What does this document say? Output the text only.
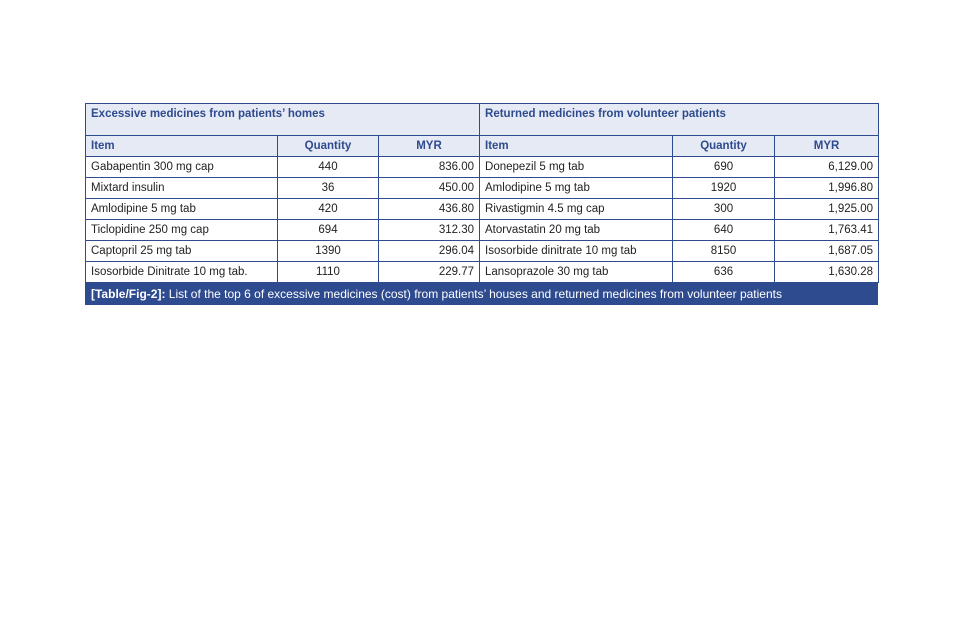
Excessive medicines from patients’ homes			Returned medicines from volunteer patients		
Item	Quantity	MYR	Item	Quantity	MYR
Gabapentin 300 mg cap	440	836.00	Donepezil 5 mg tab	690	6,129.00
Mixtard insulin	36	450.00	Amlodipine 5 mg tab	1920	1,996.80
Amlodipine 5 mg tab	420	436.80	Rivastigmin 4.5 mg cap	300	1,925.00
Ticlopidine 250 mg cap	694	312.30	Atorvastatin 20 mg tab	640	1,763.41
Captopril 25 mg tab	1390	296.04	Isosorbide dinitrate 10 mg tab	8150	1,687.05
Isosorbide Dinitrate 10 mg tab.	1110	229.77	Lansoprazole 30 mg tab	636	1,630.28
[Table/Fig-2]: List of the top 6 of excessive medicines (cost) from patients’ houses and returned medicines from volunteer patients
